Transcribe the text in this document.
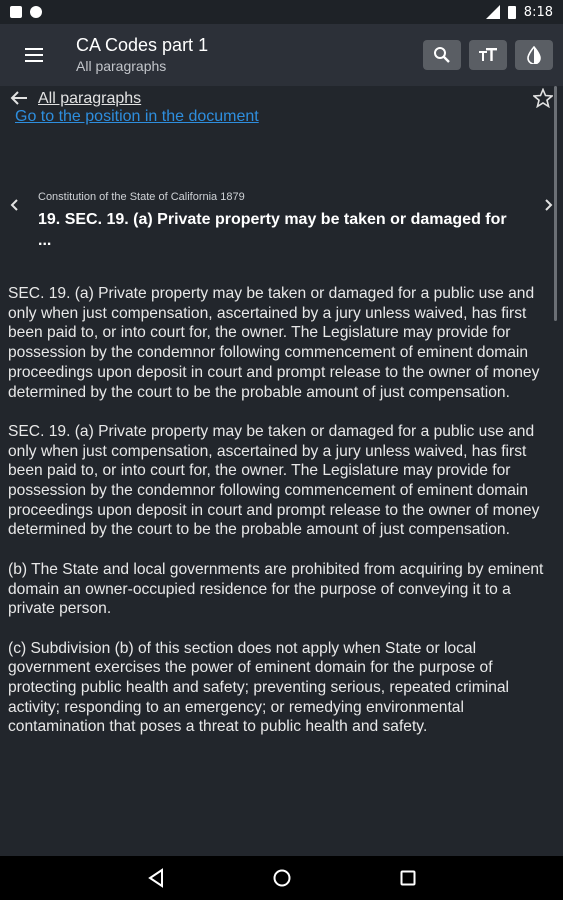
8:18
CA Codes part 1
All paragraphs
Go to the position in the document
All paragraphs
Constitution of the State of California 1879
19. SEC. 19. (a) Private property may be taken or damaged for ...

SEC. 19. (a) Private property may be taken or damaged for a public use and only when just compensation, ascertained by a jury unless waived, has first been paid to, or into court for, the owner. The Legislature may provide for possession by the condemnor following commencement of eminent domain proceedings upon deposit in court and prompt release to the owner of money determined by the court to be the probable amount of just compensation.

SEC. 19. (a) Private property may be taken or damaged for a public use and only when just compensation, ascertained by a jury unless waived, has first been paid to, or into court for, the owner. The Legislature may provide for possession by the condemnor following commencement of eminent domain proceedings upon deposit in court and prompt release to the owner of money determined by the court to be the probable amount of just compensation.

(b) The State and local governments are prohibited from acquiring by eminent domain an owner-occupied residence for the purpose of conveying it to a private person.

(c) Subdivision (b) of this section does not apply when State or local government exercises the power of eminent domain for the purpose of protecting public health and safety; preventing serious, repeated criminal activity; responding to an emergency; or remedying environmental contamination that poses a threat to public health and safety.
